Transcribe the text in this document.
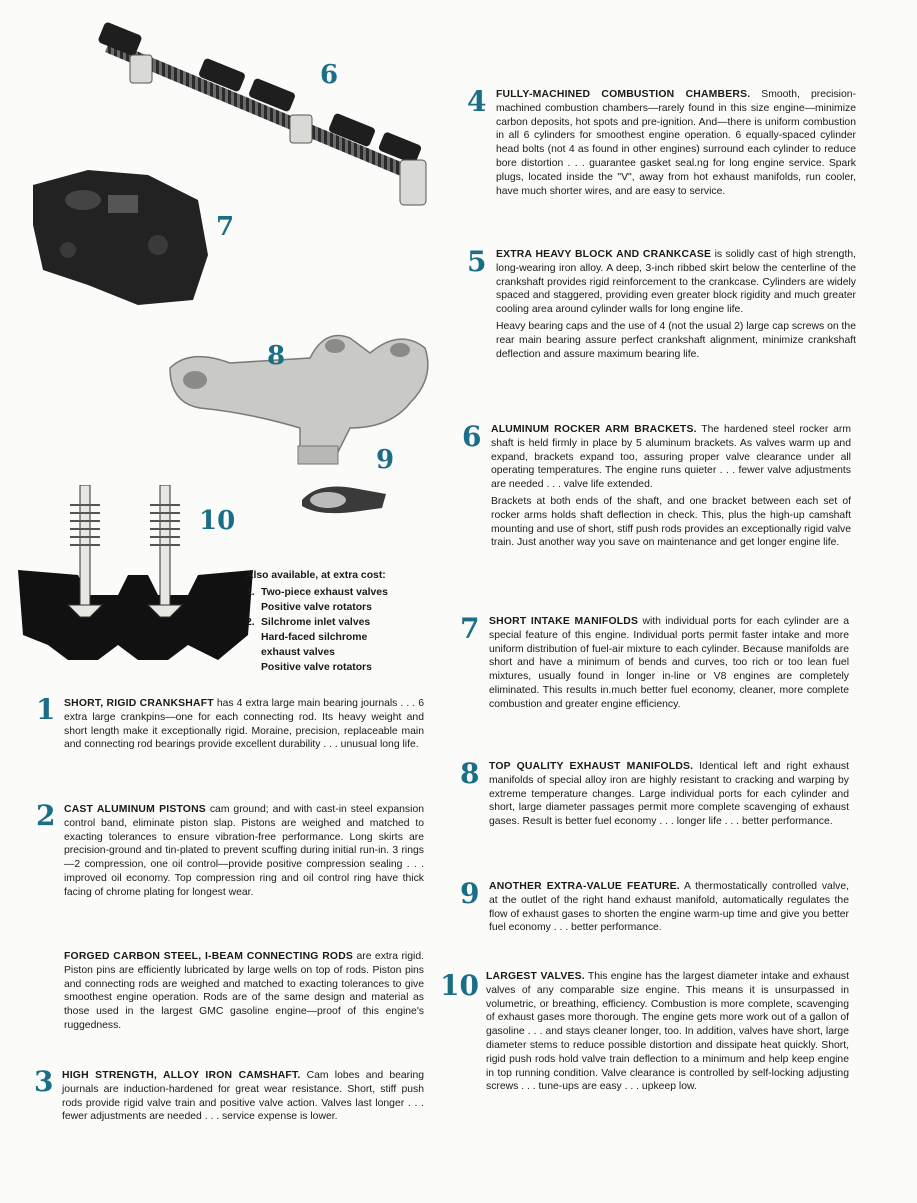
6
7
8
9
10
Also available, at extra cost:
1. Two-piece exhaust valves
Positive valve rotators
2. Silchrome inlet valves
Hard-faced silchrome
exhaust valves
Positive valve rotators
1 SHORT, RIGID CRANKSHAFT has 4 extra large main bearing journals . . . 6 extra large crankpins—one for each connecting rod. Its heavy weight and short length make it exceptionally rigid. Moraine, precision, replaceable main and connecting rod bearings provide excellent durability . . . unusual long life.

2 CAST ALUMINUM PISTONS cam ground; and with cast-in steel expansion control band, eliminate piston slap. Pistons are weighed and matched to exacting tolerances to ensure vibration-free performance. Long skirts are precision-ground and tin-plated to prevent scuffing during initial run-in. 3 rings—2 compression, one oil control—provide positive compression sealing . . . improved oil economy. Top compression ring and oil control ring have thick facing of chrome plating for longest wear.

FORGED CARBON STEEL, I-BEAM CONNECTING RODS are extra rigid. Piston pins are efficiently lubricated by large wells on top of rods. Piston pins and connecting rods are weighed and matched to exacting tolerances to give smoothest engine operation. Rods are of the same design and material as those used in the largest GMC gasoline engine—proof of this engine's ruggedness.

3 HIGH STRENGTH, ALLOY IRON CAMSHAFT. Cam lobes and bearing journals are induction-hardened for great wear resistance. Short, stiff push rods provide rigid valve train and positive valve action. Valves last longer . . . fewer adjustments are needed . . . service expense is lower.

4 FULLY-MACHINED COMBUSTION CHAMBERS. Smooth, precision-machined combustion chambers—rarely found in this size engine—minimize carbon deposits, hot spots and pre-ignition. And—there is uniform combustion in all 6 cylinders for smoothest engine operation. 6 equally-spaced cylinder head bolts (not 4 as found in other engines) surround each cylinder to reduce bore distortion . . . guarantee gasket seal.ng for long engine service. Spark plugs, located inside the "V", away from hot exhaust manifolds, run cooler, have much shorter wires, and are easy to service.

5 EXTRA HEAVY BLOCK AND CRANKCASE is solidly cast of high strength, long-wearing iron alloy. A deep, 3-inch ribbed skirt below the centerline of the crankshaft provides rigid reinforcement to the crankcase. Cylinders are widely spaced and staggered, providing even greater block rigidity and much greater cooling area around cylinder walls for long engine life.

Heavy bearing caps and the use of 4 (not the usual 2) large cap screws on the rear main bearing assure perfect crankshaft alignment, minimize crankshaft deflection and assure maximum bearing life.

6 ALUMINUM ROCKER ARM BRACKETS. The hardened steel rocker arm shaft is held firmly in place by 5 aluminum brackets. As valves warm up and expand, brackets expand too, assuring proper valve clearance under all operating temperatures. The engine runs quieter . . . fewer valve adjustments are needed . . . valve life extended.

Brackets at both ends of the shaft, and one bracket between each set of rocker arms holds shaft deflection in check. This, plus the high-up camshaft mounting and use of short, stiff push rods provides an exceptionally rigid valve train. Just another way you save on maintenance and get longer engine life.

7 SHORT INTAKE MANIFOLDS with individual ports for each cylinder are a special feature of this engine. Individual ports permit faster intake and more uniform distribution of fuel-air mixture to each cylinder. Because manifolds are short and have a minimum of bends and curves, too rich or too lean fuel mixtures, usually found in longer in-line or V8 engines are completely eliminated. This results in.much better fuel economy, cleaner, more complete combustion and greater engine efficiency.

8 TOP QUALITY EXHAUST MANIFOLDS. Identical left and right exhaust manifolds of special alloy iron are highly resistant to cracking and warping by extreme temperature changes. Large individual ports for each cylinder and short, large diameter passages permit more complete scavenging of exhaust gases. Result is better fuel economy . . . longer life . . . better performance.

9 ANOTHER EXTRA-VALUE FEATURE. A thermostatically controlled valve, at the outlet of the right hand exhaust manifold, automatically regulates the flow of exhaust gases to shorten the engine warm-up time and give you better fuel economy . . . better performance.

10 LARGEST VALVES. This engine has the largest diameter intake and exhaust valves of any comparable size engine. This means it is unsurpassed in volumetric, or breathing, efficiency. Combustion is more complete, scavenging of exhaust gases more thorough. The engine gets more work out of a gallon of gasoline . . . and stays cleaner longer, too. In addition, valves have short, large diameter stems to reduce possible distortion and dissipate heat quickly. Short, rigid push rods hold valve train deflection to a minimum and help keep engine in top running condition. Valve clearance is controlled by self-locking adjusting screws . . . tune-ups are easy . . . upkeep low.
